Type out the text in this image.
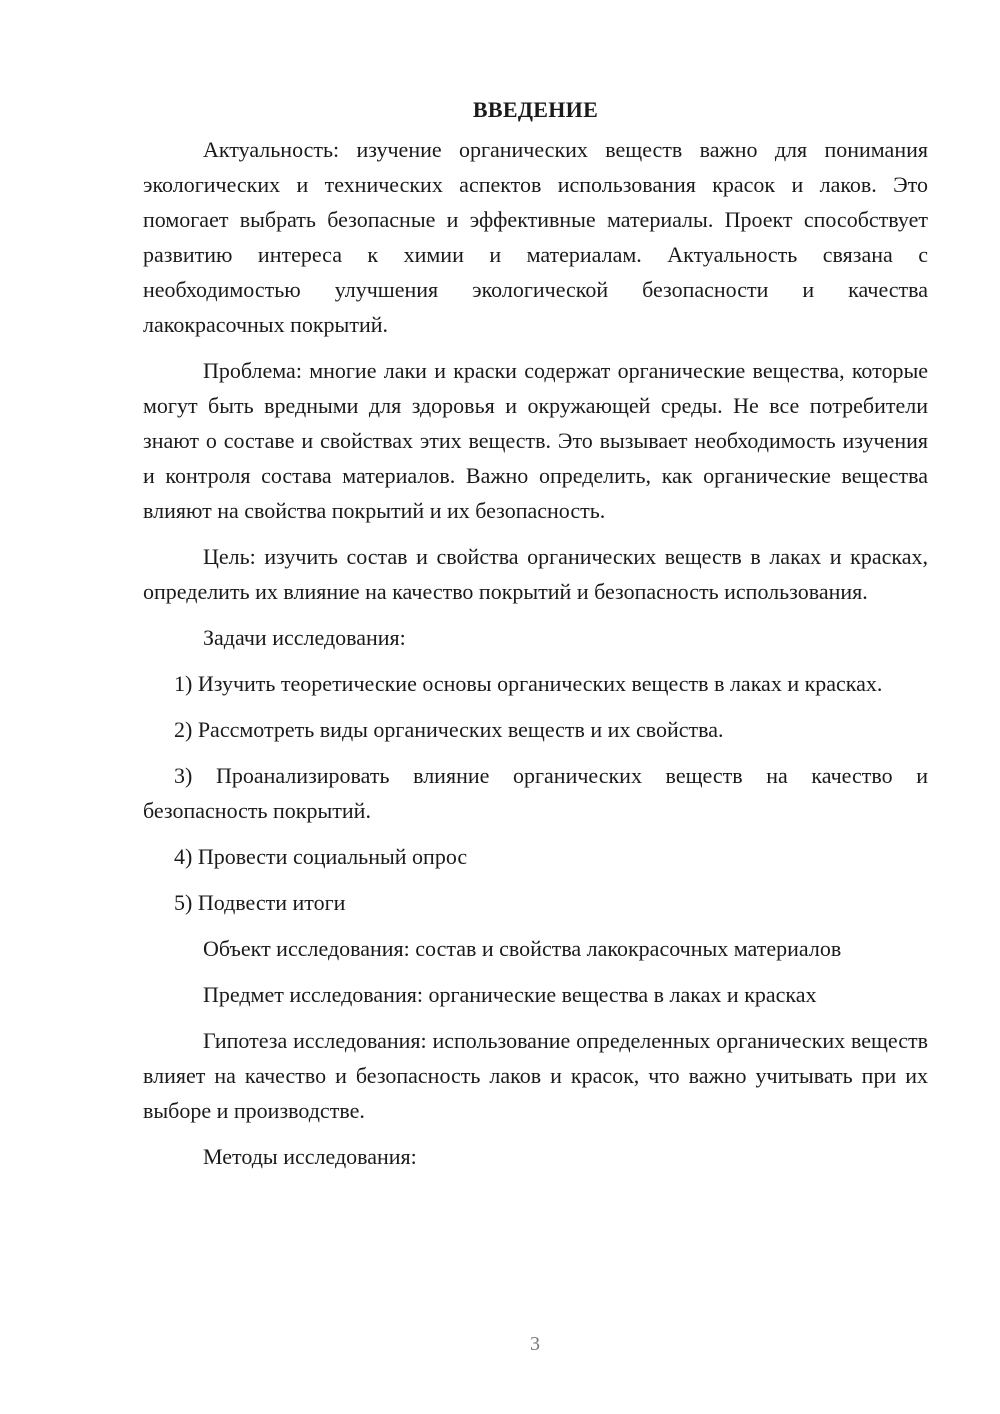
ВВЕДЕНИЕ

Актуальность: изучение органических веществ важно для понимания экологических и технических аспектов использования красок и лаков. Это помогает выбрать безопасные и эффективные материалы. Проект способствует развитию интереса к химии и материалам. Актуальность связана с необходимостью улучшения экологической безопасности и качества лакокрасочных покрытий.

Проблема: многие лаки и краски содержат органические вещества, которые могут быть вредными для здоровья и окружающей среды. Не все потребители знают о составе и свойствах этих веществ. Это вызывает необходимость изучения и контроля состава материалов. Важно определить, как органические вещества влияют на свойства покрытий и их безопасность.

Цель: изучить состав и свойства органических веществ в лаках и красках, определить их влияние на качество покрытий и безопасность использования.

Задачи исследования:

1) Изучить теоретические основы органических веществ в лаках и красках.

2) Рассмотреть виды органических веществ и их свойства.

3) Проанализировать влияние органических веществ на качество и безопасность покрытий.

4) Провести социальный опрос

5) Подвести итоги

Объект исследования: состав и свойства лакокрасочных материалов

Предмет исследования: органические вещества в лаках и красках

Гипотеза исследования: использование определенных органических веществ влияет на качество и безопасность лаков и красок, что важно учитывать при их выборе и производстве.

Методы исследования:

3
